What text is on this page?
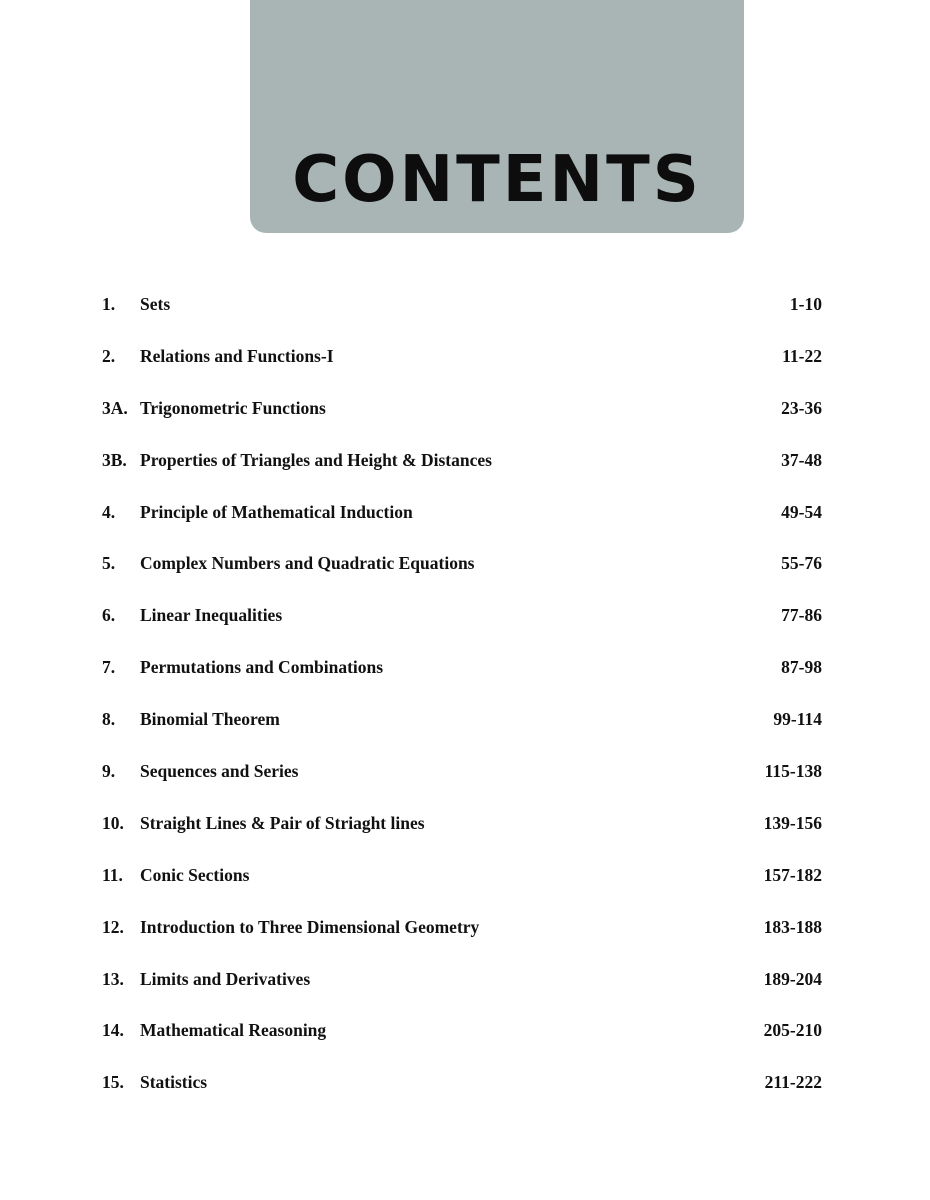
CONTENTS
1. Sets	1-10
2. Relations and Functions-I	11-22
3A. Trigonometric Functions	23-36
3B. Properties of Triangles and Height & Distances	37-48
4. Principle of Mathematical Induction	49-54
5. Complex Numbers and Quadratic Equations	55-76
6. Linear Inequalities	77-86
7. Permutations and Combinations	87-98
8. Binomial Theorem	99-114
9. Sequences and Series	115-138
10. Straight Lines & Pair of Striaght lines	139-156
11. Conic Sections	157-182
12. Introduction to Three Dimensional Geometry	183-188
13. Limits and Derivatives	189-204
14. Mathematical Reasoning	205-210
15. Statistics	211-222
